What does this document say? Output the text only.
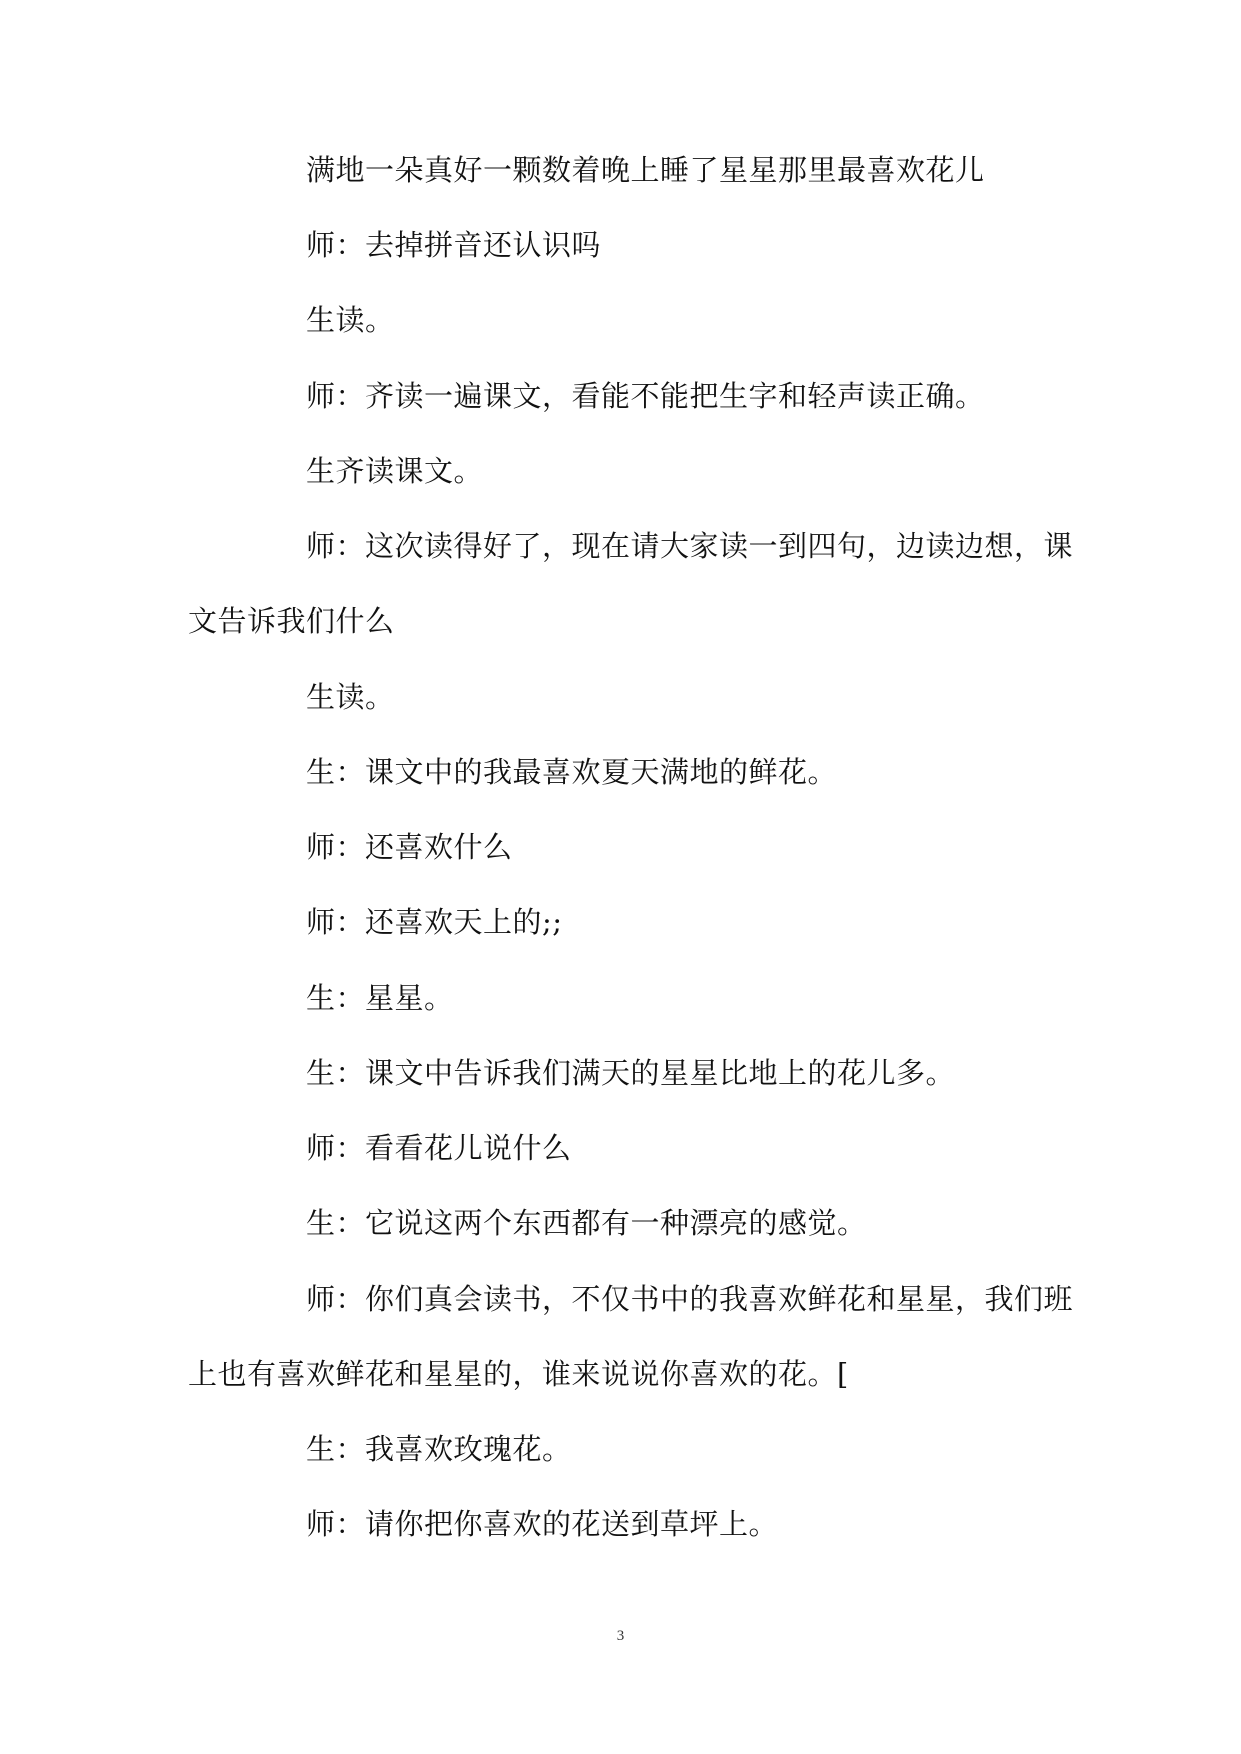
满地一朵真好一颗数着晚上睡了星星那里最喜欢花儿
师：去掉拼音还认识吗
生读。
师：齐读一遍课文，看能不能把生字和轻声读正确。
生齐读课文。
师：这次读得好了，现在请大家读一到四句，边读边想，课
文告诉我们什么
生读。
生：课文中的我最喜欢夏天满地的鲜花。
师：还喜欢什么
师：还喜欢天上的;;
生：星星。
生：课文中告诉我们满天的星星比地上的花儿多。
师：看看花儿说什么
生：它说这两个东西都有一种漂亮的感觉。
师：你们真会读书，不仅书中的我喜欢鲜花和星星，我们班
上也有喜欢鲜花和星星的，谁来说说你喜欢的花。[
生：我喜欢玫瑰花。
师：请你把你喜欢的花送到草坪上。
3
